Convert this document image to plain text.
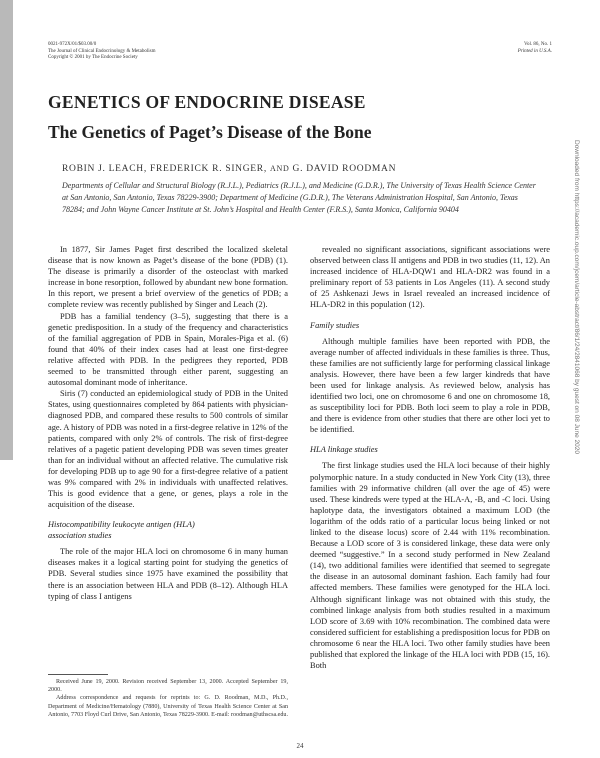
0021-972X/01/$03.00/0
The Journal of Clinical Endocrinology & Metabolism
Copyright © 2001 by The Endocrine Society
Vol. 86, No. 1
Printed in U.S.A.
GENETICS OF ENDOCRINE DISEASE
The Genetics of Paget’s Disease of the Bone
ROBIN J. LEACH, FREDERICK R. SINGER, AND G. DAVID ROODMAN
Departments of Cellular and Structural Biology (R.J.L.), Pediatrics (R.J.L.), and Medicine (G.D.R.), The University of Texas Health Science Center at San Antonio, San Antonio, Texas 78229-3900; Department of Medicine (G.D.R.), The Veterans Administration Hospital, San Antonio, Texas 78284; and John Wayne Cancer Institute at St. John’s Hospital and Health Center (F.R.S.), Santa Monica, California 90404

In 1877, Sir James Paget first described the localized skeletal disease that is now known as Paget’s disease of the bone (PDB) (1). The disease is primarily a disorder of the osteoclast with marked increase in bone resorption, followed by abundant new bone formation. In this report, we present a brief overview of the genetics of PDB; a complete review was recently published by Singer and Leach (2).

PDB has a familial tendency (3–5), suggesting that there is a genetic predisposition. In a study of the frequency and characteristics of the familial aggregation of PDB in Spain, Morales-Piga et al. (6) found that 40% of their index cases had at least one first-degree relative affected with PDB. In the pedigrees they reported, PDB seemed to be transmitted through either parent, suggesting an autosomal dominant mode of inheritance.

Siris (7) conducted an epidemiological study of PDB in the United States, using questionnaires completed by 864 patients with physician-diagnosed PDB, and compared these results to 500 controls of similar age. A history of PDB was noted in a first-degree relative in 12% of the patients, compared with only 2% of controls. The risk of first-degree relatives of a pagetic patient developing PDB was seven times greater than for an individual without an affected relative. The cumulative risk for developing PDB up to age 90 for a first-degree relative of a patient was 9% compared with 2% in individuals with unaffected relatives. This is good evidence that a gene, or genes, plays a role in the acquisition of the disease.

Histocompatibility leukocyte antigen (HLA)
association studies

The role of the major HLA loci on chromosome 6 in many human diseases makes it a logical starting point for studying the genetics of PDB. Several studies since 1975 have examined the possibility that there is an association between HLA and PDB (8–12). Although HLA typing of class I antigens

revealed no significant associations, significant associations were observed between class II antigens and PDB in two studies (11, 12). An increased incidence of HLA-DQW1 and HLA-DR2 was found in a preliminary report of 53 patients in Los Angeles (11). A second study of 25 Ashkenazi Jews in Israel revealed an increased incidence of HLA-DR2 in this population (12).

Family studies

Although multiple families have been reported with PDB, the average number of affected individuals in these families is three. Thus, these families are not sufficiently large for performing classical linkage analysis. However, there have been a few larger kindreds that have been used for linkage analysis. As reviewed below, analysis has identified two loci, one on chromosome 6 and one on chromosome 18, as susceptibility loci for PDB. Both loci seem to play a role in PDB, and there is evidence from other studies that there are other loci yet to be identified.

HLA linkage studies

The first linkage studies used the HLA loci because of their highly polymorphic nature. In a study conducted in New York City (13), three families with 29 informative children (all over the age of 45) were used. These kindreds were typed at the HLA-A, -B, and -C loci. Using haplotype data, the investigators obtained a maximum LOD (the logarithm of the odds ratio of a particular locus being linked or not linked to the disease locus) score of 2.44 with 11% recombination. Because a LOD score of 3 is considered linkage, these data were only deemed “suggestive.” In a second study performed in New Zealand (14), two additional families were identified that seemed to segregate the disease in an autosomal dominant fashion. Each family had four affected members. These families were genotyped for the HLA loci. Although significant linkage was not obtained with this study, the combined linkage analysis from both studies resulted in a maximum LOD score of 3.69 with 10% recombination. The combined data were considered sufficient for establishing a predisposition locus for PDB on chromosome 6 near the HLA loci. Two other family studies have been published that explored the linkage of the HLA loci with PDB (15, 16). Both

Received June 19, 2000. Revision received September 13, 2000. Accepted September 19, 2000.

Address correspondence and requests for reprints to: G. D. Roodman, M.D., Ph.D., Department of Medicine/Hematology (7880), University of Texas Health Science Center at San Antonio, 7703 Floyd Curl Drive, San Antonio, Texas 78229-3900. E-mail: roodman@uthscsa.edu.

24
Downloaded from https://academic.oup.com/jcem/article-abstract/86/1/24/2841068 by guest on 08 June 2020
